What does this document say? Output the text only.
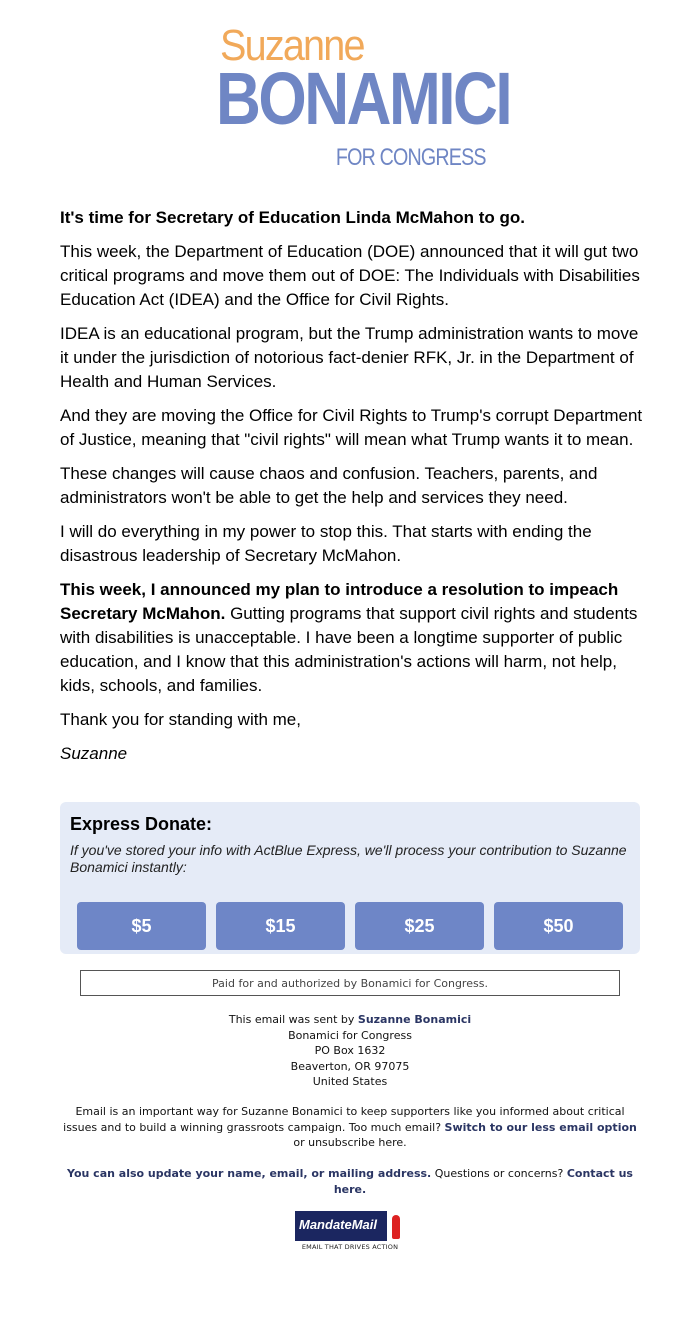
Suzanne
BONAMICI
FOR CONGRESS

It's time for Secretary of Education Linda McMahon to go.

This week, the Department of Education (DOE) announced that it will gut two critical programs and move them out of DOE: The Individuals with Disabilities Education Act (IDEA) and the Office for Civil Rights.

IDEA is an educational program, but the Trump administration wants to move it under the jurisdiction of notorious fact-denier RFK, Jr. in the Department of Health and Human Services.

And they are moving the Office for Civil Rights to Trump's corrupt Department of Justice, meaning that "civil rights" will mean what Trump wants it to mean.

These changes will cause chaos and confusion. Teachers, parents, and administrators won't be able to get the help and services they need.

I will do everything in my power to stop this. That starts with ending the disastrous leadership of Secretary McMahon.

This week, I announced my plan to introduce a resolution to impeach Secretary McMahon. Gutting programs that support civil rights and students with disabilities is unacceptable. I have been a longtime supporter of public education, and I know that this administration's actions will harm, not help, kids, schools, and families.

Thank you for standing with me,

Suzanne

Express Donate:
If you've stored your info with ActBlue Express, we'll process your contribution to Suzanne Bonamici instantly:
$5	$15	$25	$50
Paid for and authorized by Bonamici for Congress.
This email was sent by Suzanne Bonamici
Bonamici for Congress
PO Box 1632
Beaverton, OR 97075
United States
Email is an important way for Suzanne Bonamici to keep supporters like you informed about critical issues and to build a winning grassroots campaign. Too much email? Switch to our less email option or unsubscribe here.
You can also update your name, email, or mailing address. Questions or concerns? Contact us here.
MandateMail
EMAIL THAT DRIVES ACTION
